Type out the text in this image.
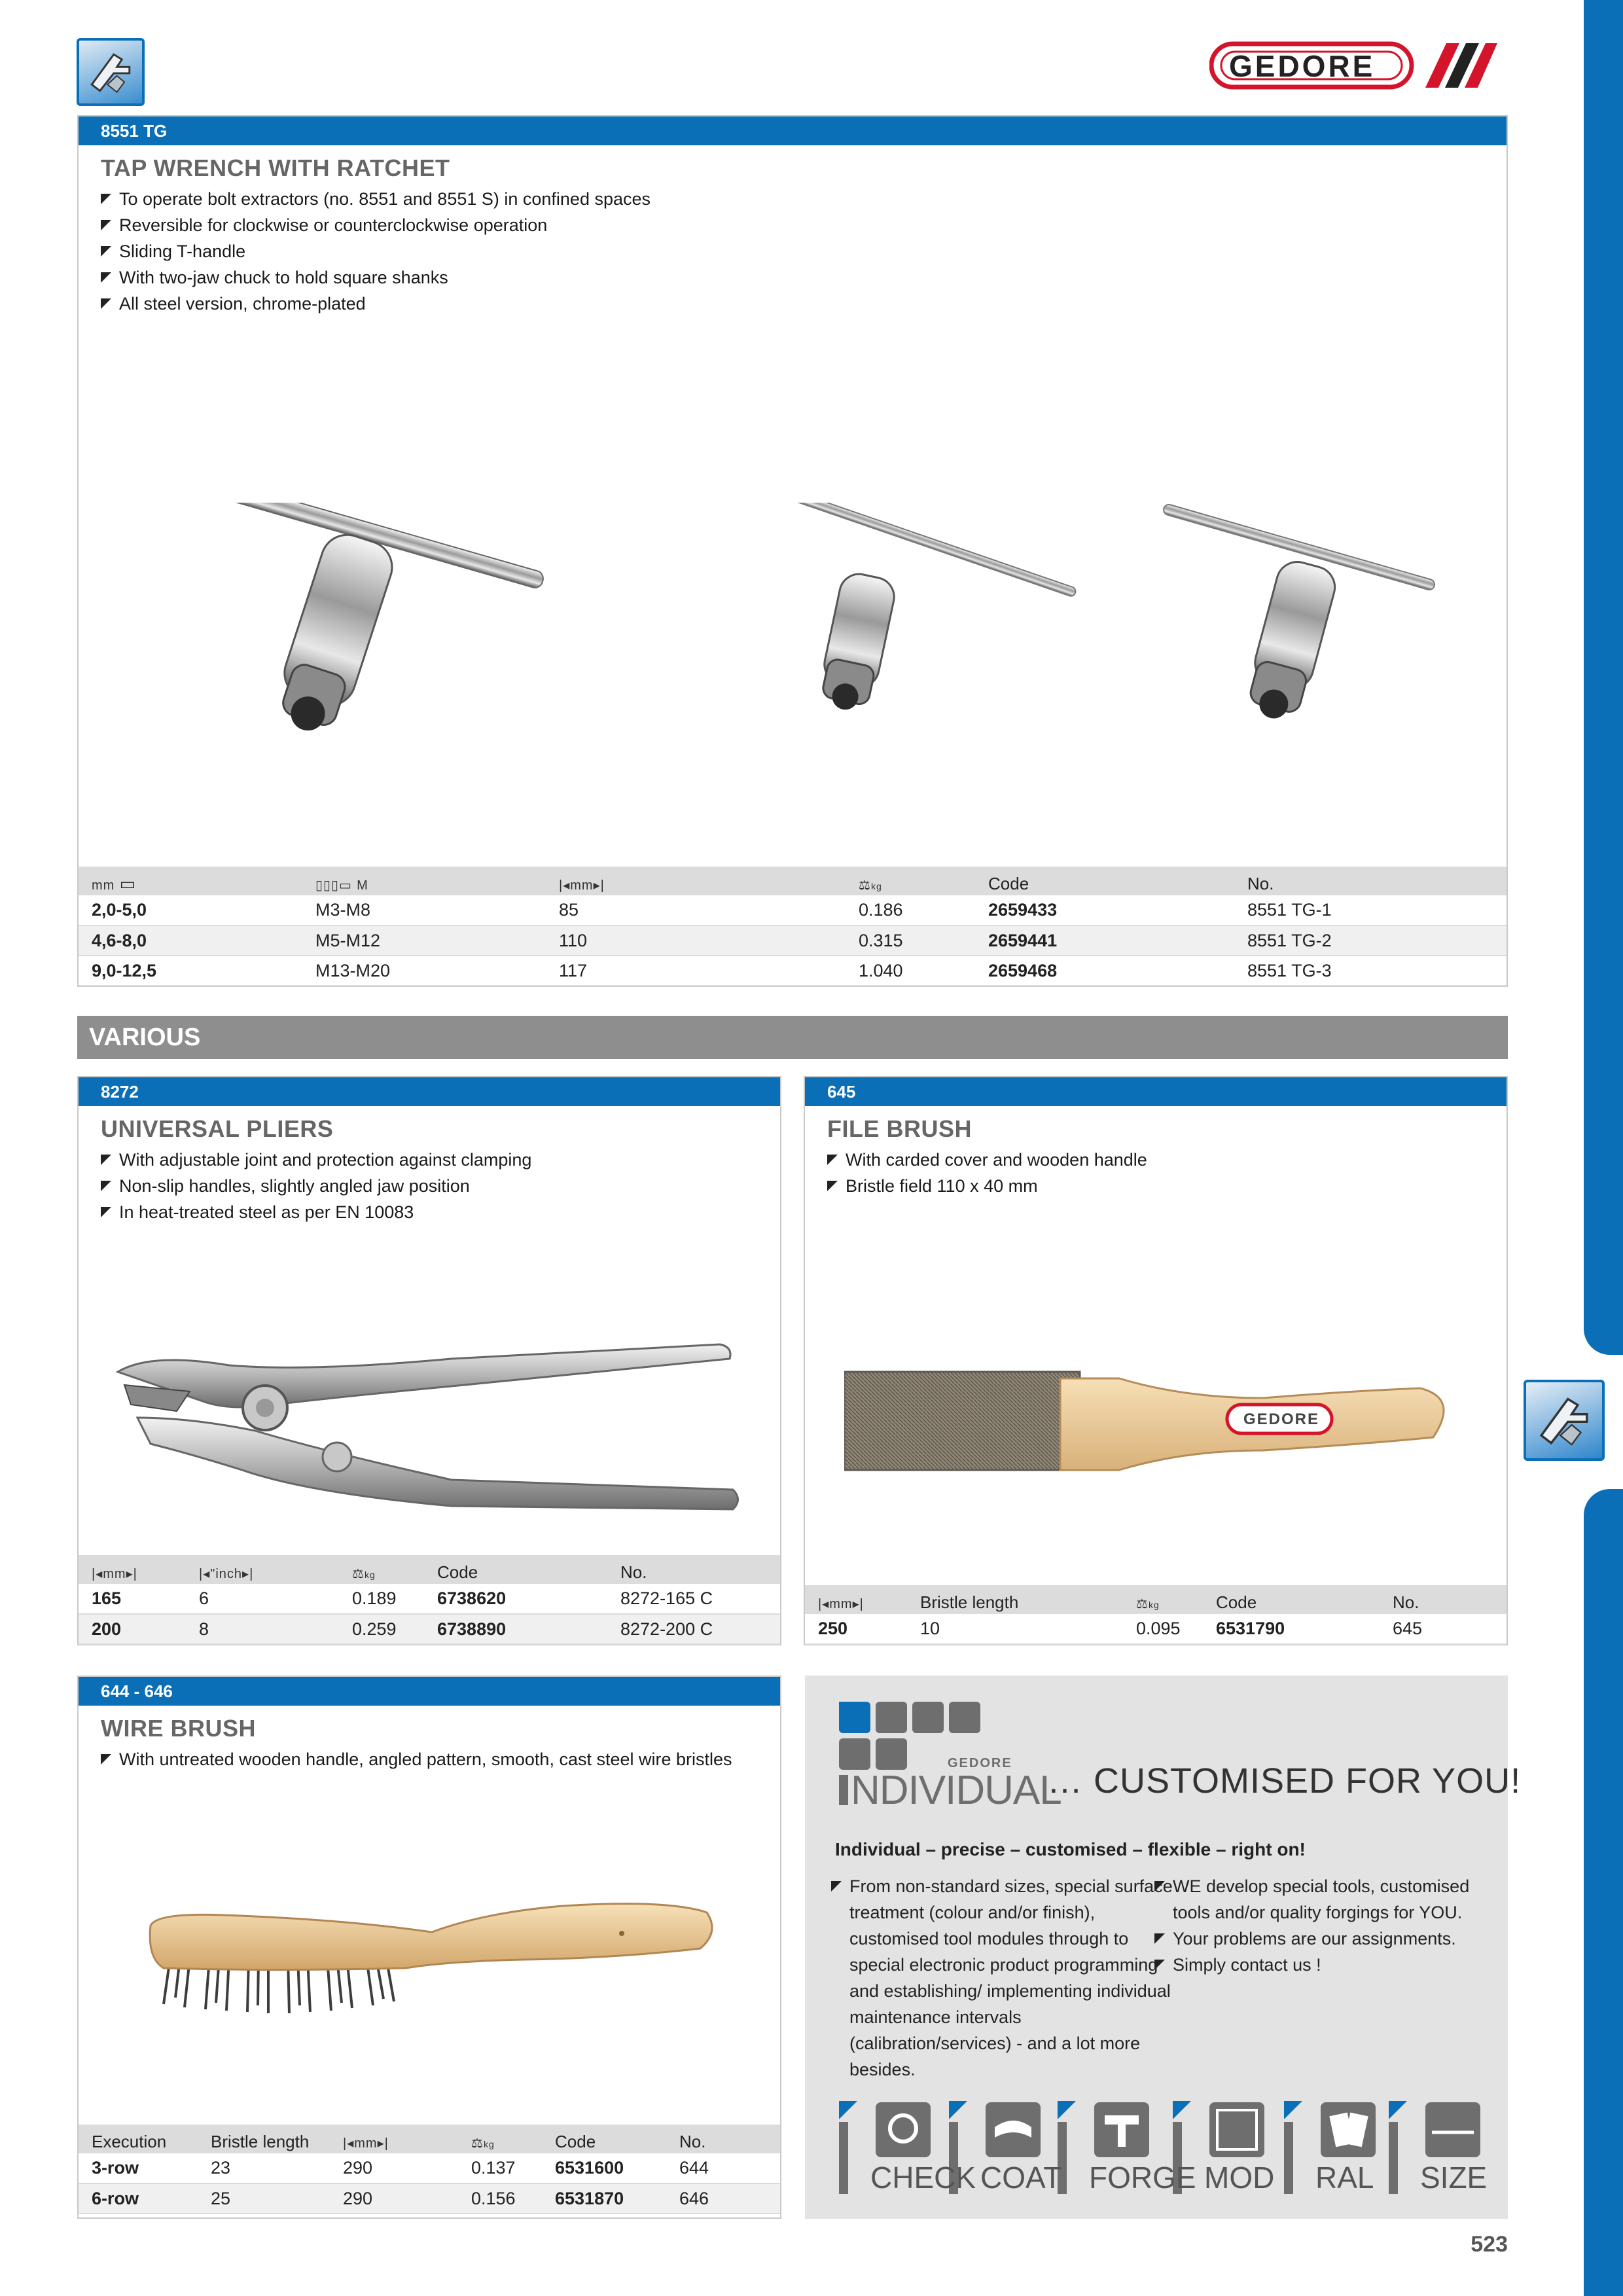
GEDORE
8551 TG
TAP WRENCH WITH RATCHET
To operate bolt extractors (no. 8551 and 8551 S) in confined spaces
Reversible for clockwise or counterclockwise operation
Sliding T-handle
With two-jaw chuck to hold square shanks
All steel version, chrome-plated
mm ▭	▯▯▯▭ M	|◂mm▸|	⚖kg	Code	No.
2,0-5,0	M3-M8	85	0.186	2659433	8551 TG-1
4,6-8,0	M5-M12	110	0.315	2659441	8551 TG-2
9,0-12,5	M13-M20	117	1.040	2659468	8551 TG-3
VARIOUS
8272
UNIVERSAL PLIERS
With adjustable joint and protection against clamping
Non-slip handles, slightly angled jaw position
In heat-treated steel as per EN 10083
|◂mm▸|	|◂"inch▸|	⚖kg	Code	No.
165	6	0.189	6738620	8272-165 C
200	8	0.259	6738890	8272-200 C
645
FILE BRUSH
With carded cover and wooden handle
Bristle field 110 x 40 mm
GEDORE
|◂mm▸|	Bristle length	⚖kg	Code	No.
250	10	0.095	6531790	645
644 - 646
WIRE BRUSH
With untreated wooden handle, angled pattern, smooth, cast steel wire bristles
Execution	Bristle length	|◂mm▸|	⚖kg	Code	No.
3-row	23	290	0.137	6531600	644
6-row	25	290	0.156	6531870	646
GEDORE
NDIVIDUAL
… CUSTOMISED FOR YOU!
Individual – precise – customised – flexible – right on!
From non-standard sizes, special surface treatment (colour and/or finish), customised tool modules through to special electronic product programming and establishing/ implementing individual maintenance intervals (calibration/services) - and a lot more besides.
WE develop special tools, customised tools and/or quality forgings for YOU.
Your problems are our assignments.
Simply contact us !
CHECK COAT FORGE MOD RAL SIZE
523
